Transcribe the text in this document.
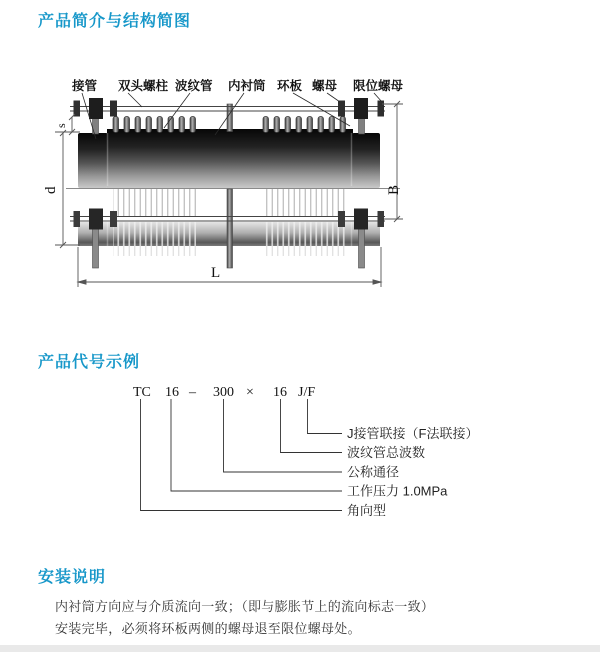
产品简介与结构简图
s
d	B
L
接管 双头螺柱 波纹管 内衬筒 环板 螺母 限位螺母
产品代号示例
TC 16 – 300 × 16 J/F
J接管联接（F法联接）
波纹管总波数
公称通径
工作压力 1.0MPa
角向型
安装说明
内衬筒方向应与介质流向一致；（即与膨胀节上的流向标志一致）
安装完毕，必须将环板两侧的螺母退至限位螺母处。
